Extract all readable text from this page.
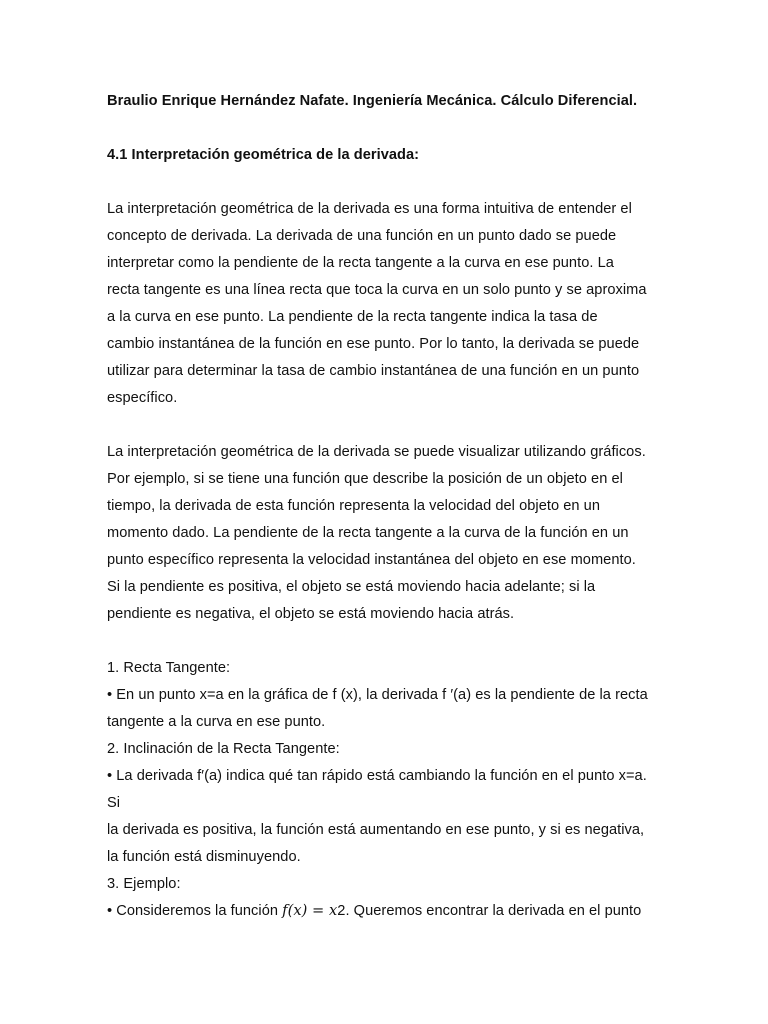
Braulio Enrique Hernández Nafate. Ingeniería Mecánica. Cálculo Diferencial.
4.1 Interpretación geométrica de la derivada:
La interpretación geométrica de la derivada es una forma intuitiva de entender el
concepto de derivada. La derivada de una función en un punto dado se puede
interpretar como la pendiente de la recta tangente a la curva en ese punto. La
recta tangente es una línea recta que toca la curva en un solo punto y se aproxima
a la curva en ese punto. La pendiente de la recta tangente indica la tasa de
cambio instantánea de la función en ese punto. Por lo tanto, la derivada se puede
utilizar para determinar la tasa de cambio instantánea de una función en un punto
específico.
La interpretación geométrica de la derivada se puede visualizar utilizando gráficos.
Por ejemplo, si se tiene una función que describe la posición de un objeto en el
tiempo, la derivada de esta función representa la velocidad del objeto en un
momento dado. La pendiente de la recta tangente a la curva de la función en un
punto específico representa la velocidad instantánea del objeto en ese momento.
Si la pendiente es positiva, el objeto se está moviendo hacia adelante; si la
pendiente es negativa, el objeto se está moviendo hacia atrás.
1. Recta Tangente:
• En un punto x=a en la gráfica de f (x), la derivada f ′(a) es la pendiente de la recta
tangente a la curva en ese punto.
2. Inclinación de la Recta Tangente:
• La derivada f′(a) indica qué tan rápido está cambiando la función en el punto x=a.
Si
la derivada es positiva, la función está aumentando en ese punto, y si es negativa,
la función está disminuyendo.
3. Ejemplo:
• Consideremos la función 𝑓(𝑥) = 𝑥2. Queremos encontrar la derivada en el punto
